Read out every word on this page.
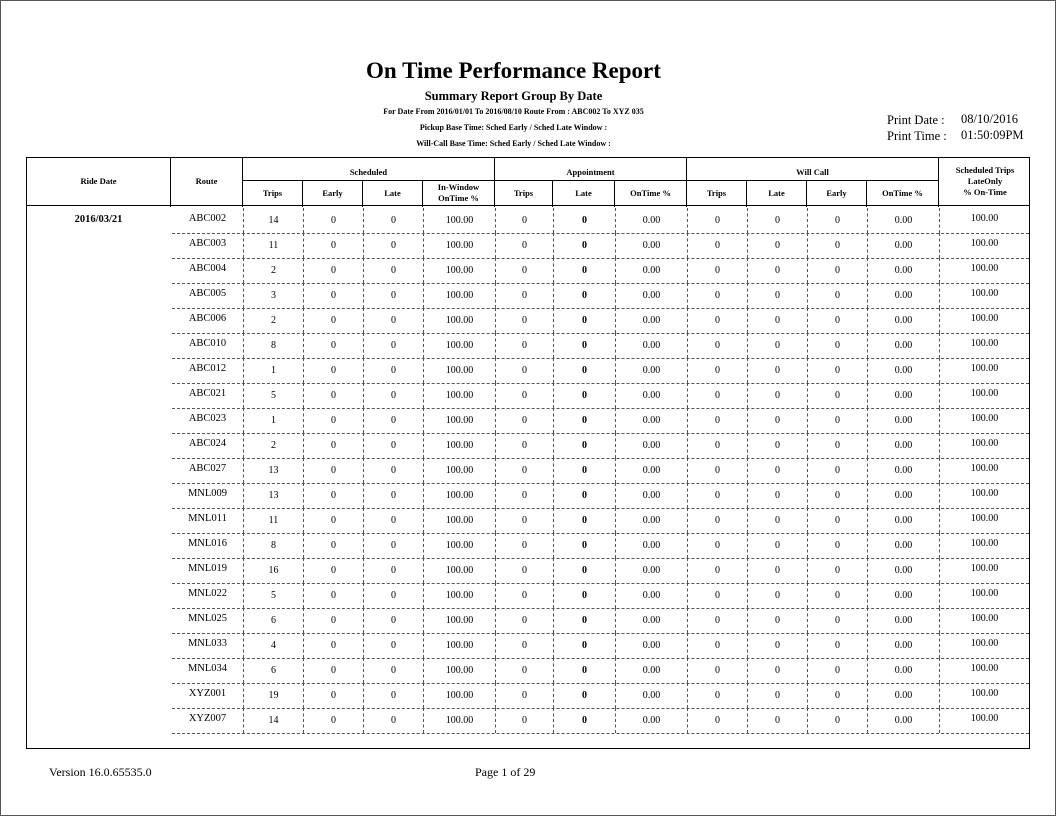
On Time Performance Report
Summary Report Group By Date
For Date From 2016/01/01 To 2016/08/10 Route From : ABC002 To XYZ 035
Pickup Base Time: Sched Early / Sched Late Window :
Will-Call Base Time: Sched Early / Sched Late Window :
Print Date : 08/10/2016
Print Time : 01:50:09PM
Ride Date	Route
Scheduled	Appointment	Will Call	Scheduled Trips
LateOnly
% On-Time
Trips	Early	Late
In-Window
OnTime %	Trips	Late	OnTime %	Trips	Late	Early	OnTime %
2016/03/21	ABC002	14	0	0	100.00	0	0	0.00	0	0	0	0.00	100.00
ABC003	11	0	0	100.00	0	0	0.00	0	0	0	0.00	100.00
ABC004	2	0	0	100.00	0	0	0.00	0	0	0	0.00	100.00
ABC005	3	0	0	100.00	0	0	0.00	0	0	0	0.00	100.00
ABC006	2	0	0	100.00	0	0	0.00	0	0	0	0.00	100.00
ABC010	8	0	0	100.00	0	0	0.00	0	0	0	0.00	100.00
ABC012	1	0	0	100.00	0	0	0.00	0	0	0	0.00	100.00
ABC021	5	0	0	100.00	0	0	0.00	0	0	0	0.00	100.00
ABC023	1	0	0	100.00	0	0	0.00	0	0	0	0.00	100.00
ABC024	2	0	0	100.00	0	0	0.00	0	0	0	0.00	100.00
ABC027	13	0	0	100.00	0	0	0.00	0	0	0	0.00	100.00
MNL009	13	0	0	100.00	0	0	0.00	0	0	0	0.00	100.00
MNL011	11	0	0	100.00	0	0	0.00	0	0	0	0.00	100.00
MNL016	8	0	0	100.00	0	0	0.00	0	0	0	0.00	100.00
MNL019	16	0	0	100.00	0	0	0.00	0	0	0	0.00	100.00
MNL022	5	0	0	100.00	0	0	0.00	0	0	0	0.00	100.00
MNL025	6	0	0	100.00	0	0	0.00	0	0	0	0.00	100.00
MNL033	4	0	0	100.00	0	0	0.00	0	0	0	0.00	100.00
MNL034	6	0	0	100.00	0	0	0.00	0	0	0	0.00	100.00
XYZ001	19	0	0	100.00	0	0	0.00	0	0	0	0.00	100.00
XYZ007	14	0	0	100.00	0	0	0.00	0	0	0	0.00	100.00
Version 16.0.65535.0	Page 1 of 29
